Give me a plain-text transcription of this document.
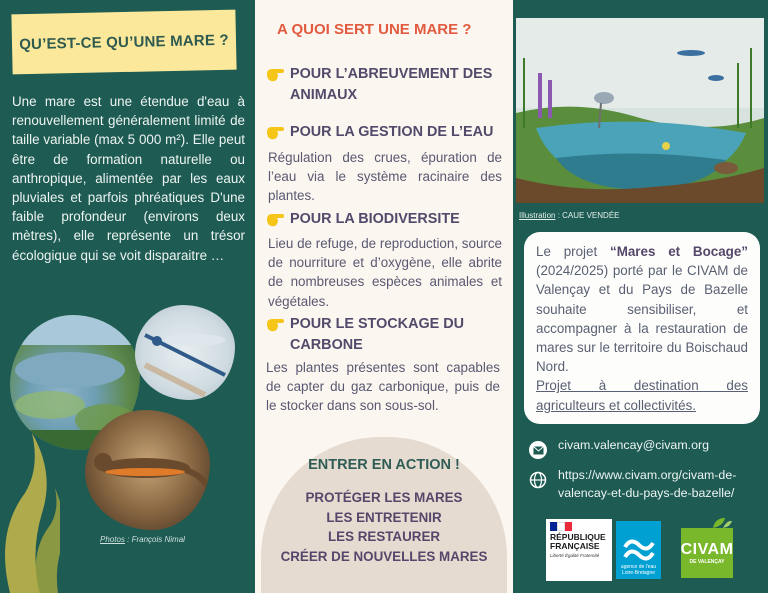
QU’EST-CE QU’UNE MARE ?

Une mare est une étendue d'eau à renouvellement généralement limité de taille variable (max 5 000 m²). Elle peut être de formation naturelle ou anthropique, alimentée par les eaux pluviales et parfois phréatiques D'une faible profondeur (environs deux mètres), elle représente un trésor écologique qui se voit disparaitre …

Photos : François Nimal
A QUOI SERT UNE MARE ?
POUR L’ABREUVEMENT DES ANIMAUX
POUR LA GESTION DE L’EAU

Régulation des crues, épuration de l’eau via le système racinaire des plantes.

POUR LA BIODIVERSITE

Lieu de refuge, de reproduction, source de nourriture et d’oxygène, elle abrite de nombreuses espèces animales et végétales.

POUR LE STOCKAGE DU CARBONE

Les plantes présentes sont capables de capter du gaz carbonique, puis de le stocker dans son sous-sol.

ENTRER EN ACTION !
PROTÉGER LES MARES
LES ENTRETENIR
LES RESTAURER
CRÉER DE NOUVELLES MARES
Illustration : CAUE VENDÉE
Le projet “Mares et Bocage” (2024/2025) porté par le CIVAM de Valençay et du Pays de Bazelle souhaite sensibiliser, et accompagner à la restauration de mares sur le territoire du Boischaud Nord.
Projet à destination des agriculteurs et collectivités.
civam.valencay@civam.org
https://www.civam.org/civam-de-valencay-et-du-pays-de-bazelle/
RÉPUBLIQUE FRANÇAISE
Liberté Égalité Fraternité
agence de l'eau Loire-Bretagne
CIVAM
DE VALENÇAY
